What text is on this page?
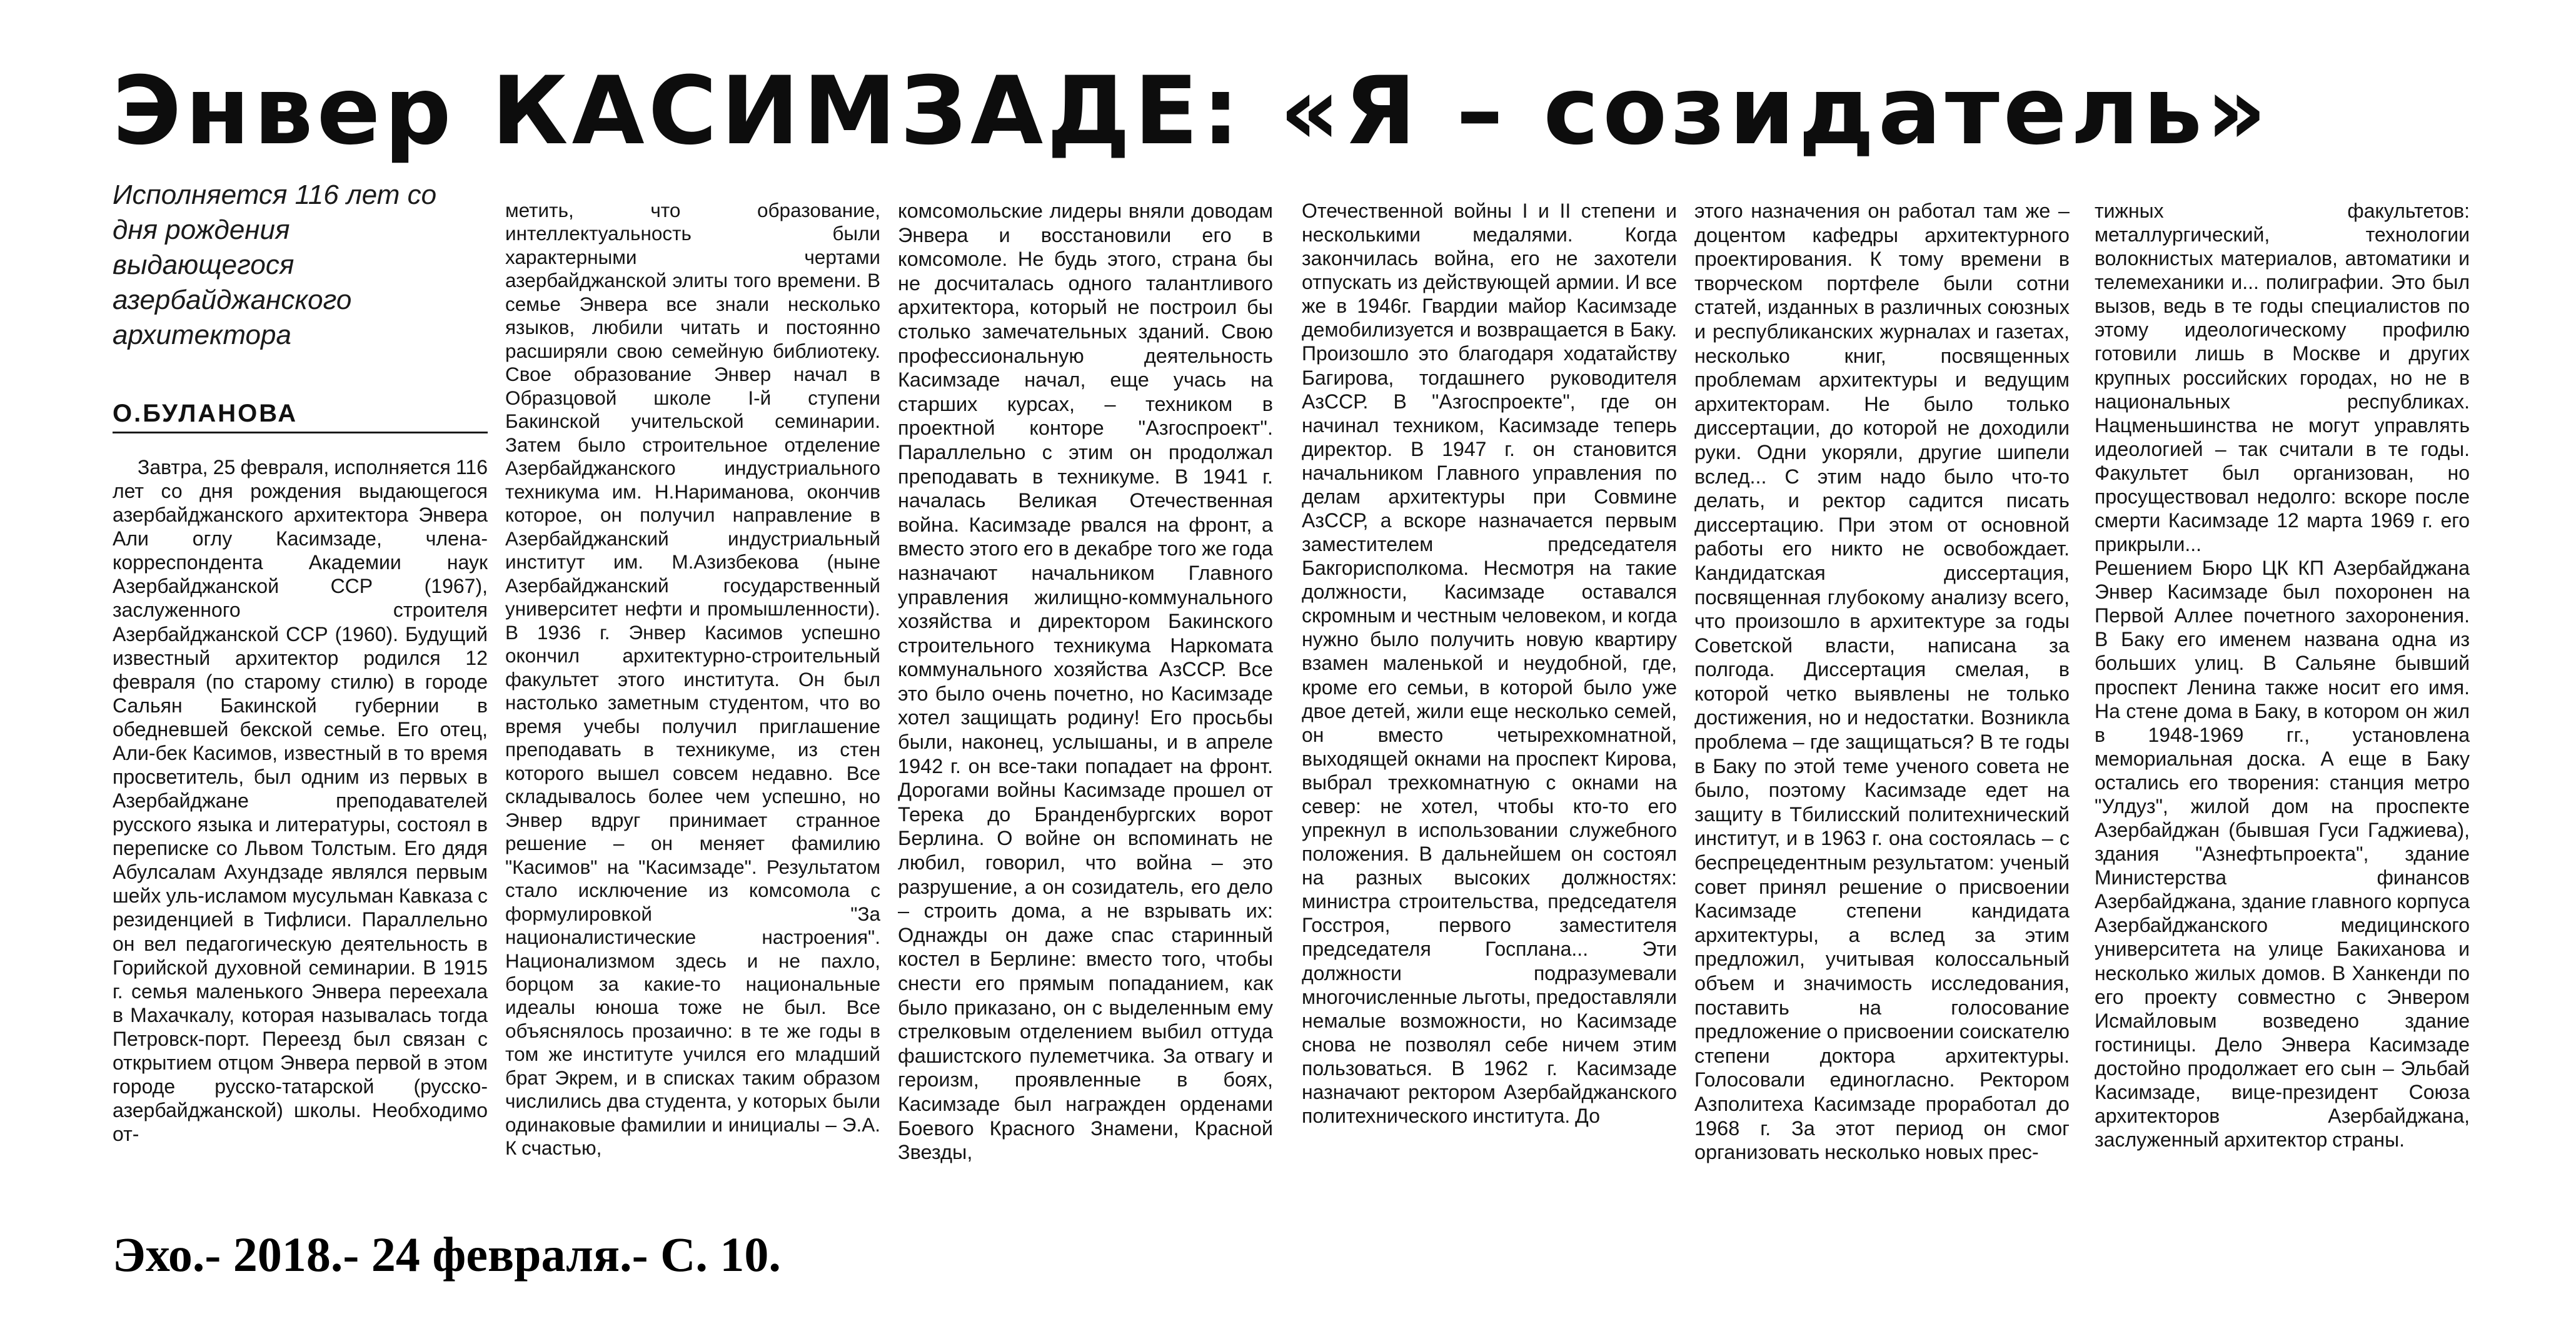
Энвер КАСИМЗАДЕ: «Я – созидатель»
Исполняется 116 лет со дня рождения выдающегося азербайджанского архитектора
О.БУЛАНОВА
Завтра, 25 февраля, исполняется 116 лет со дня рождения выдающегося азербайджанского архитектора Энвера Али оглу Касимзаде, члена-корреспондента Академии наук Азербайджанской ССР (1967), заслуженного строителя Азербайджанской ССР (1960). Будущий известный архитектор родился 12 февраля (по старому стилю) в городе Сальян Бакинской губернии в обедневшей бекской семье. Его отец, Али-бек Касимов, известный в то время просветитель, был одним из первых в Азербайджане преподавателей русского языка и литературы, состоял в переписке со Львом Толстым. Его дядя Абулсалам Ахундзаде являлся первым шейх уль-исламом мусульман Кавказа с резиденцией в Тифлиси. Параллельно он вел педагогическую деятельность в Горийской духовной семинарии. В 1915 г. семья маленького Энвера переехала в Махачкалу, которая называлась тогда Петровск-порт. Переезд был связан с открытием отцом Энвера первой в этом городе русско-татарской (русско-азербайджанской) школы. Необходимо от-
метить, что образование, интеллектуальность были характерными чертами азербайджанской элиты того времени. В семье Энвера все знали несколько языков, любили читать и постоянно расширяли свою семейную библиотеку. Свое образование Энвер начал в Образцовой школе I-й ступени Бакинской учительской семинарии. Затем было строительное отделение Азербайджанского индустриального техникума им. Н.Нариманова, окончив которое, он получил направление в Азербайджанский индустриальный институт им. М.Азизбекова (ныне Азербайджанский государственный университет нефти и промышленности). В 1936 г. Энвер Касимов успешно окончил архитектурно-строительный факультет этого института. Он был настолько заметным студентом, что во время учебы получил приглашение преподавать в техникуме, из стен которого вышел совсем недавно. Все складывалось более чем успешно, но Энвер вдруг принимает странное решение – он меняет фамилию "Касимов" на "Касимзаде". Результатом стало исключение из комсомола с формулировкой "За националистические настроения". Национализмом здесь и не пахло, борцом за какие-то национальные идеалы юноша тоже не был. Все объяснялось прозаично: в те же годы в том же институте учился его младший брат Экрем, и в списках таким образом числились два студента, у которых были одинаковые фамилии и инициалы – Э.А. К счастью,
комсомольские лидеры вняли доводам Энвера и восстановили его в комсомоле. Не будь этого, страна бы не досчиталась одного талантливого архитектора, который не построил бы столько замечательных зданий. Свою профессиональную деятельность Касимзаде начал, еще учась на старших курсах, – техником в проектной конторе "Азгоспроект". Параллельно с этим он продолжал преподавать в техникуме. В 1941 г. началась Великая Отечественная война. Касимзаде рвался на фронт, а вместо этого его в декабре того же года назначают начальником Главного управления жилищно-коммунального хозяйства и директором Бакинского строительного техникума Наркомата коммунального хозяйства АзССР. Все это было очень почетно, но Касимзаде хотел защищать родину! Его просьбы были, наконец, услышаны, и в апреле 1942 г. он все-таки попадает на фронт. Дорогами войны Касимзаде прошел от Терека до Бранденбургских ворот Берлина. О войне он вспоминать не любил, говорил, что война – это разрушение, а он созидатель, его дело – строить дома, а не взрывать их: Однажды он даже спас старинный костел в Берлине: вместо того, чтобы снести его прямым попаданием, как было приказано, он с выделенным ему стрелковым отделением выбил оттуда фашистского пулеметчика. За отвагу и героизм, проявленные в боях, Касимзаде был награжден орденами Боевого Красного Знамени, Красной Звезды,
Отечественной войны I и II степени и несколькими медалями. Когда закончилась война, его не захотели отпускать из действующей армии. И все же в 1946г. Гвардии майор Касимзаде демобилизуется и возвращается в Баку. Произошло это благодаря ходатайству Багирова, тогдашнего руководителя АзССР. В "Азгоспроекте", где он начинал техником, Касимзаде теперь директор. В 1947 г. он становится начальником Главного управления по делам архитектуры при Совмине АзССР, а вскоре назначается первым заместителем председателя Бакгорисполкома. Несмотря на такие должности, Касимзаде оставался скромным и честным человеком, и когда нужно было получить новую квартиру взамен маленькой и неудобной, где, кроме его семьи, в которой было уже двое детей, жили еще несколько семей, он вместо четырехкомнатной, выходящей окнами на проспект Кирова, выбрал трехкомнатную с окнами на север: не хотел, чтобы кто-то его упрекнул в использовании служебного положения. В дальнейшем он состоял на разных высоких должностях: министра строительства, председателя Госстроя, первого заместителя председателя Госплана... Эти должности подразумевали многочисленные льготы, предоставляли немалые возможности, но Касимзаде снова не позволял себе ничем этим пользоваться. В 1962 г. Касимзаде назначают ректором Азербайджанского политехнического института. До
этого назначения он работал там же – доцентом кафедры архитектурного проектирования. К тому времени в творческом портфеле были сотни статей, изданных в различных союзных и республиканских журналах и газетах, несколько книг, посвященных проблемам архитектуры и ведущим архитекторам. Не было только диссертации, до которой не доходили руки. Одни укоряли, другие шипели вслед... С этим надо было что-то делать, и ректор садится писать диссертацию. При этом от основной работы его никто не освобождает. Кандидатская диссертация, посвященная глубокому анализу всего, что произошло в архитектуре за годы Советской власти, написана за полгода. Диссертация смелая, в которой четко выявлены не только достижения, но и недостатки. Возникла проблема – где защищаться? В те годы в Баку по этой теме ученого совета не было, поэтому Касимзаде едет на защиту в Тбилисский политехнический институт, и в 1963 г. она состоялась – с беспрецедентным результатом: ученый совет принял решение о присвоении Касимзаде степени кандидата архитектуры, а вслед за этим предложил, учитывая колоссальный объем и значимость исследования, поставить на голосование предложение о присвоении соискателю степени доктора архитектуры. Голосовали единогласно. Ректором Азполитеха Касимзаде проработал до 1968 г. За этот период он смог организовать несколько новых прес-
тижных факультетов: металлургический, технологии волокнистых материалов, автоматики и телемеханики и... полиграфии. Это был вызов, ведь в те годы специалистов по этому идеологическому профилю готовили лишь в Москве и других крупных российских городах, но не в национальных республиках. Нацменьшинства не могут управлять идеологией – так считали в те годы. Факультет был организован, но просуществовал недолго: вскоре после смерти Касимзаде 12 марта 1969 г. его прикрыли...
Решением Бюро ЦК КП Азербайджана Энвер Касимзаде был похоронен на Первой Аллее почетного захоронения. В Баку его именем названа одна из больших улиц. В Сальяне бывший проспект Ленина также носит его имя. На стене дома в Баку, в котором он жил в 1948-1969 гг., установлена мемориальная доска. А еще в Баку остались его творения: станция метро "Улдуз", жилой дом на проспекте Азербайджан (бывшая Гуси Гаджиева), здания "Азнефтьпроекта", здание Министерства финансов Азербайджана, здание главного корпуса Азербайджанского медицинского университета на улице Бакиханова и несколько жилых домов. В Ханкенди по его проекту совместно с Энвером Исмайловым возведено здание гостиницы. Дело Энвера Касимзаде достойно продолжает его сын – Эльбай Касимзаде, вице-президент Союза архитекторов Азербайджана, заслуженный архитектор страны.
Эхо.- 2018.- 24 февраля.- С. 10.
